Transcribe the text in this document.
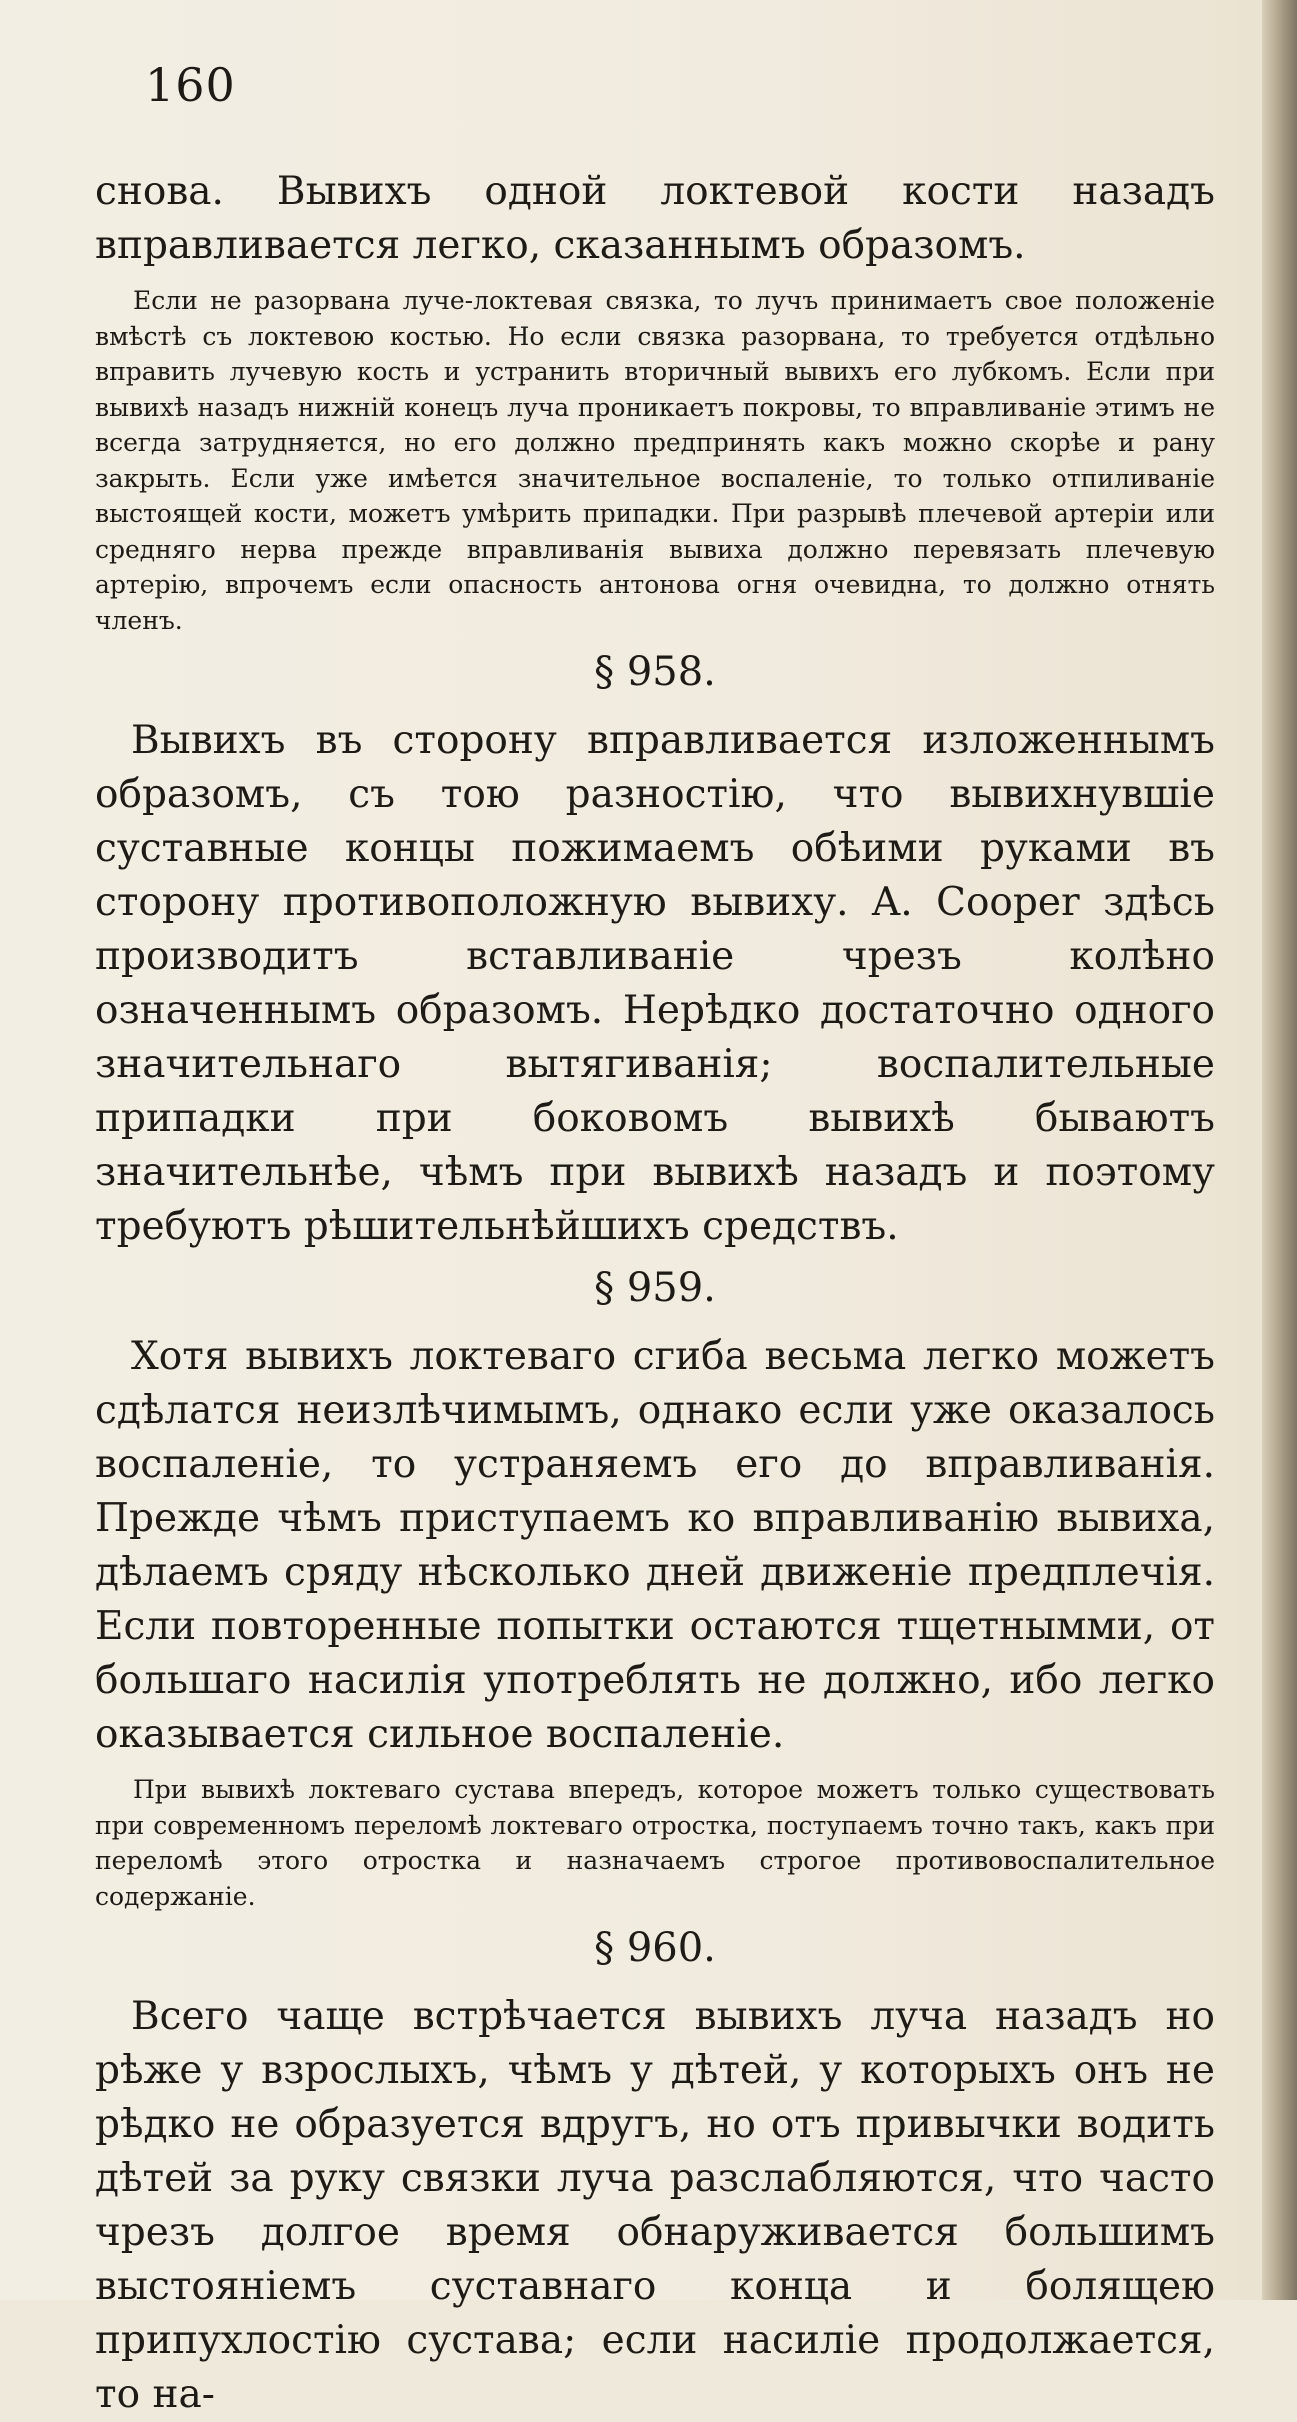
160

снова. Вывихъ одной локтевой кости назадъ вправливается легко, сказаннымъ образомъ.

Если не разорвана луче-локтевая связка, то лучъ принимаетъ свое положеніе вмѣстѣ съ локтевою костью. Но если связка разорвана, то требуется отдѣльно вправить лучевую кость и устранить вторичный вывихъ его лубкомъ. Если при вывихѣ назадъ нижній конецъ луча проникаетъ покровы, то вправливаніе этимъ не всегда затрудняется, но его должно предпринять какъ можно скорѣе и рану закрыть. Если уже имѣется значительное воспаленіе, то только отпиливаніе выстоящей кости, можетъ умѣрить припадки. При разрывѣ плечевой артеріи или средняго нерва прежде вправливанія вывиха должно перевязать плечевую артерію, впрочемъ если опасность антонова огня очевидна, то должно отнять членъ.

§ 958.

Вывихъ въ сторону вправливается изложеннымъ образомъ, съ тою разностію, что вывихнувшіе суставные концы пожимаемъ обѣими руками въ сторону противоположную вывиху. A. Cooper здѣсь производитъ вставливаніе чрезъ колѣно означеннымъ образомъ. Нерѣдко достаточно одного значительнаго вытягиванія; воспалительные припадки при боковомъ вывихѣ бываютъ значительнѣе, чѣмъ при вывихѣ назадъ и поэтому требуютъ рѣшительнѣйшихъ средствъ.

§ 959.

Хотя вывихъ локтеваго сгиба весьма легко можетъ сдѣлатся неизлѣчимымъ, однако если уже оказалось воспаленіе, то устраняемъ его до вправливанія. Прежде чѣмъ приступаемъ ко вправливанію вывиха, дѣлаемъ сряду нѣсколько дней движеніе предплечія. Если повторенные попытки остаются тщетнымми, от большаго насилія употреблять не должно, ибо легко оказывается сильное воспаленіе.

При вывихѣ локтеваго сустава впередъ, которое можетъ только существовать при современномъ переломѣ локтеваго отростка, поступаемъ точно такъ, какъ при переломѣ этого отростка и назначаемъ строгое противовоспалительное содержаніе.

§ 960.

Всего чаще встрѣчается вывихъ луча назадъ но рѣже у взрослыхъ, чѣмъ у дѣтей, у которыхъ онъ не рѣдко не образуется вдругъ, но отъ привычки водить дѣтей за руку связки луча разслабляются, что часто чрезъ долгое время обнаруживается большимъ выстояніемъ суставнаго конца и болящею припухлостію сустава; если насиліе продолжается, то на-
